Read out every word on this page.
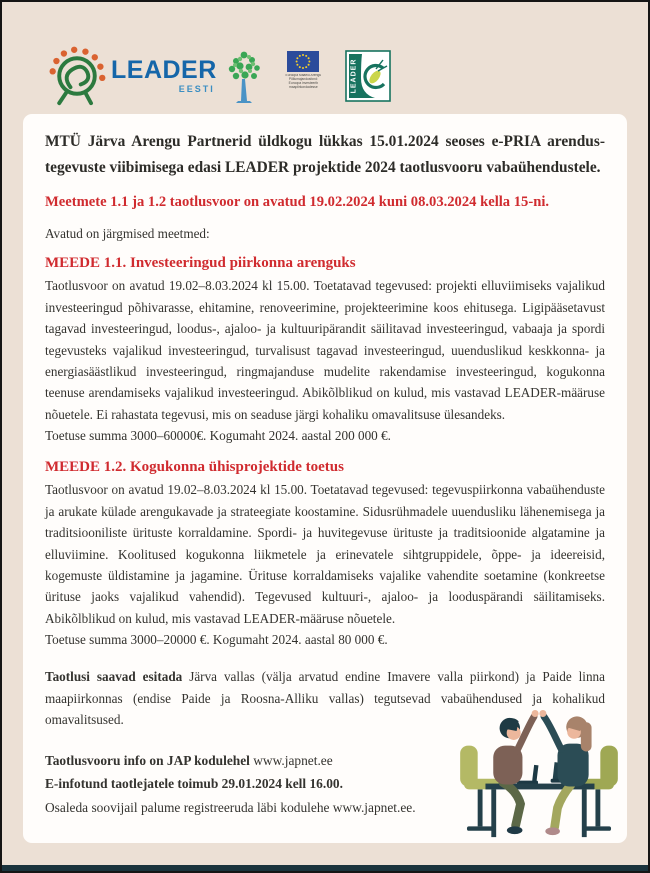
LEADER
EESTI
Euroopa Maaelu Arengu
Põllumajandusfond:
Euroopa investeerib
maapiirkondadesse	LEADER

MTÜ Järva Arengu Partnerid üldkogu lükkas 15.01.2024 seoses e-PRIA arendustegevuste viibimisega edasi LEADER projektide 2024 taotlusvooru vabaühendustele.

Meetmete 1.1 ja 1.2 taotlusvoor on avatud 19.02.2024 kuni 08.03.2024 kella 15-ni.
Avatud on järgmised meetmed:
MEEDE 1.1. Investeeringud piirkonna arenguks

Taotlusvoor on avatud 19.02–8.03.2024 kl 15.00. Toetatavad tegevused: projekti elluviimiseks vajalikud investeeringud põhivarasse, ehitamine, renoveerimine, projekteerimine koos ehitusega. Ligipääsetavust tagavad investeeringud, loodus-, ajaloo- ja kultuuripärandit säilitavad investeeringud, vabaaja ja spordi tegevusteks vajalikud investeeringud, turvalisust tagavad investeeringud, uuenduslikud keskkonna- ja energiasäästlikud investeeringud, ringmajanduse mudelite rakendamise investeeringud, kogukonna teenuse arendamiseks vajalikud investeeringud. Abikõlblikud on kulud, mis vastavad LEADER-määruse nõuetele. Ei rahastata tegevusi, mis on seaduse järgi kohaliku omavalitsuse ülesandeks.

Toetuse summa 3000–60000€. Kogumaht 2024. aastal 200 000 €.

MEEDE 1.2. Kogukonna ühisprojektide toetus

Taotlusvoor on avatud 19.02–8.03.2024 kl 15.00. Toetatavad tegevused: tegevuspiirkonna vabaühenduste ja arukate külade arengukavade ja strateegiate koostamine. Sidusrühmadele uuendusliku lähenemisega ja traditsiooniliste ürituste korraldamine. Spordi- ja huvitegevuse ürituste ja traditsioonide algatamine ja elluviimine. Koolitused kogukonna liikmetele ja erinevatele sihtgruppidele, õppe- ja ideereisid, kogemuste üldistamine ja jagamine. Ürituse korraldamiseks vajalike vahendite soetamine (konkreetse ürituse jaoks vajalikud vahendid). Tegevused kultuuri-, ajaloo- ja looduspärandi säilitamiseks. Abikõlblikud on kulud, mis vastavad LEADER-määruse nõuetele.

Toetuse summa 3000–20000 €. Kogumaht 2024. aastal 80 000 €.

Taotlusi saavad esitada Järva vallas (välja arvatud endine Imavere valla piirkond) ja Paide linna maapiirkonnas (endise Paide ja Roosna-Alliku vallas) tegutsevad vabaühendused ja kohalikud omavalitsused.

Taotlusvooru info on JAP kodulehel www.japnet.ee
E-infotund taotlejatele toimub 29.01.2024 kell 16.00.
Osaleda soovijail palume registreeruda läbi kodulehe www.japnet.ee.
